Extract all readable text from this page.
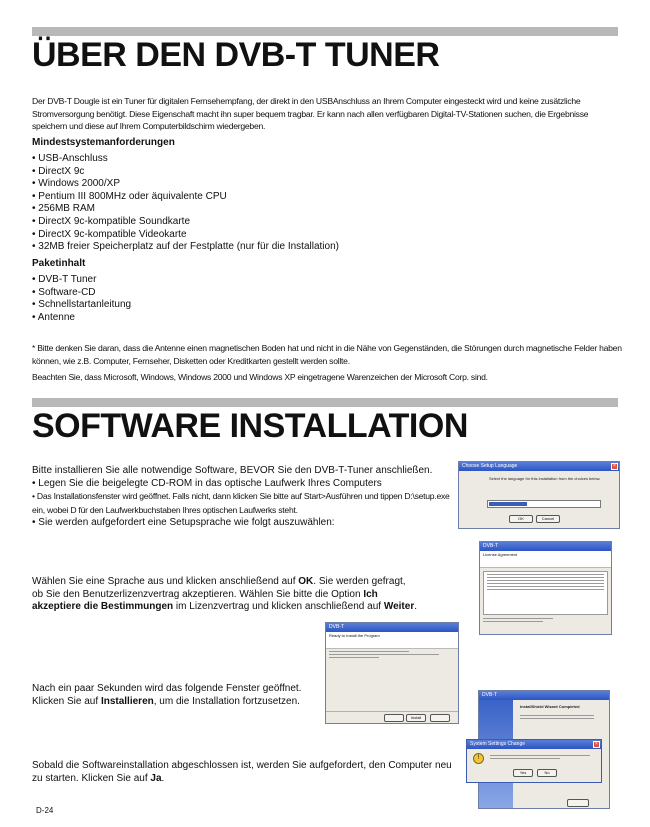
ÜBER DEN DVB-T TUNER

Der DVB-T Dougle ist ein Tuner für digitalen Fernsehempfang, der direkt in den USBAnschluss an Ihrem Computer eingesteckt wird und keine zusätzliche Stromversorgung benötigt. Diese Eigenschaft macht ihn super bequem tragbar. Er kann nach allen verfügbaren Digital-TV-Stationen suchen, die Ergebnisse speichern und diese auf Ihrem Computerbildschirm wiedergeben.

Mindestsystemanforderungen

• USB-Anschluss
• DirectX 9c
• Windows 2000/XP
• Pentium III 800MHz oder äquivalente CPU
• 256MB RAM
• DirectX 9c-kompatible Soundkarte
• DirectX 9c-kompatible Videokarte
• 32MB freier Speicherplatz auf der Festplatte (nur für die Installation)

Paketinhalt

• DVB-T Tuner
• Software-CD
• Schnellstartanleitung
• Antenne

* Bitte denken Sie daran, dass die Antenne einen magnetischen Boden hat und nicht in die Nähe von Gegenständen, die Störungen durch magnetische Felder haben können, wie z.B. Computer, Fernseher, Disketten oder Kreditkarten gestellt werden sollte.

Beachten Sie, dass Microsoft, Windows, Windows 2000 und Windows XP eingetragene Warenzeichen der Microsoft Corp. sind.

SOFTWARE INSTALLATION

Bitte installieren Sie alle notwendige Software, BEVOR Sie den DVB-T-Tuner anschließen.
• Legen Sie die beigelegte CD-ROM in das optische Laufwerk Ihres Computers
• Das Installationsfenster wird geöffnet. Falls nicht, dann klicken Sie bitte auf Start>Ausführen und tippen D:\setup.exe ein, wobei D für den Laufwerkbuchstaben Ihres optischen Laufwerks steht.
• Sie werden aufgefordert eine Setupsprache wie folgt auszuwählen:

Wählen Sie eine Sprache aus und klicken anschließend auf OK. Sie werden gefragt, ob Sie den Benutzerlizenzvertrag akzeptieren. Wählen Sie bitte die Option Ich akzeptiere die Bestimmungen im Lizenzvertrag und klicken anschließend auf Weiter.

Nach ein paar Sekunden wird das folgende Fenster geöffnet. Klicken Sie auf Installieren, um die Installation fortzusetzen.

Sobald die Softwareinstallation abgeschlossen ist, werden Sie aufgefordert, den Computer neu zu starten. Klicken Sie auf Ja.

D-24
Choose Setup Language	×
Select the language for this installation from the choices below.
OK	Cancel
DVB-T
License Agreement
DVB-T
Ready to Install the Program
Install
DVB-T
InstallShield Wizard Completed
System Settings Change	×
!
Yes	No
